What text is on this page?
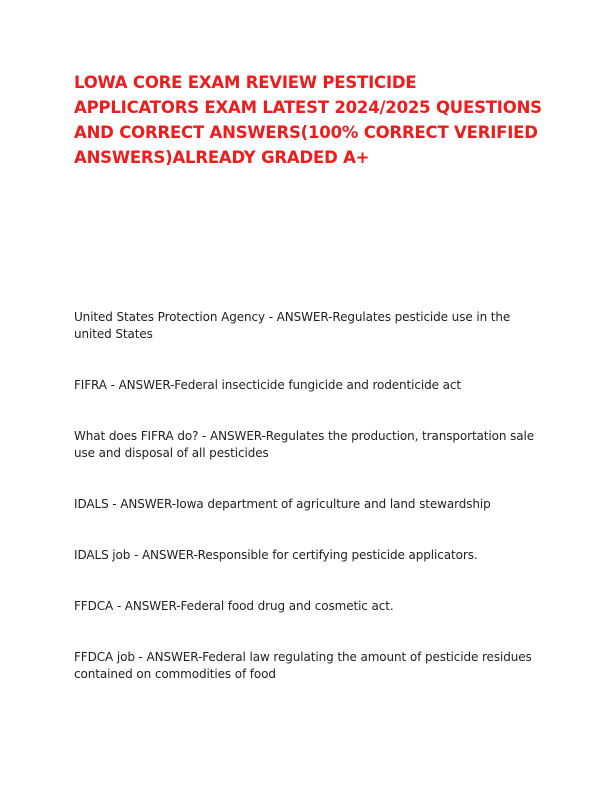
LOWA CORE EXAM REVIEW PESTICIDE APPLICATORS EXAM LATEST 2024/2025 QUESTIONS AND CORRECT ANSWERS(100% CORRECT VERIFIED ANSWERS)ALREADY GRADED A+
United States Protection Agency - ANSWER-Regulates pesticide use in the united States
FIFRA - ANSWER-Federal insecticide fungicide and rodenticide act
What does FIFRA do? - ANSWER-Regulates the production, transportation sale use and disposal of all pesticides
IDALS - ANSWER-Iowa department of agriculture and land stewardship
IDALS job - ANSWER-Responsible for certifying pesticide applicators.
FFDCA - ANSWER-Federal food drug and cosmetic act.
FFDCA job - ANSWER-Federal law regulating the amount of pesticide residues contained on commodities of food
